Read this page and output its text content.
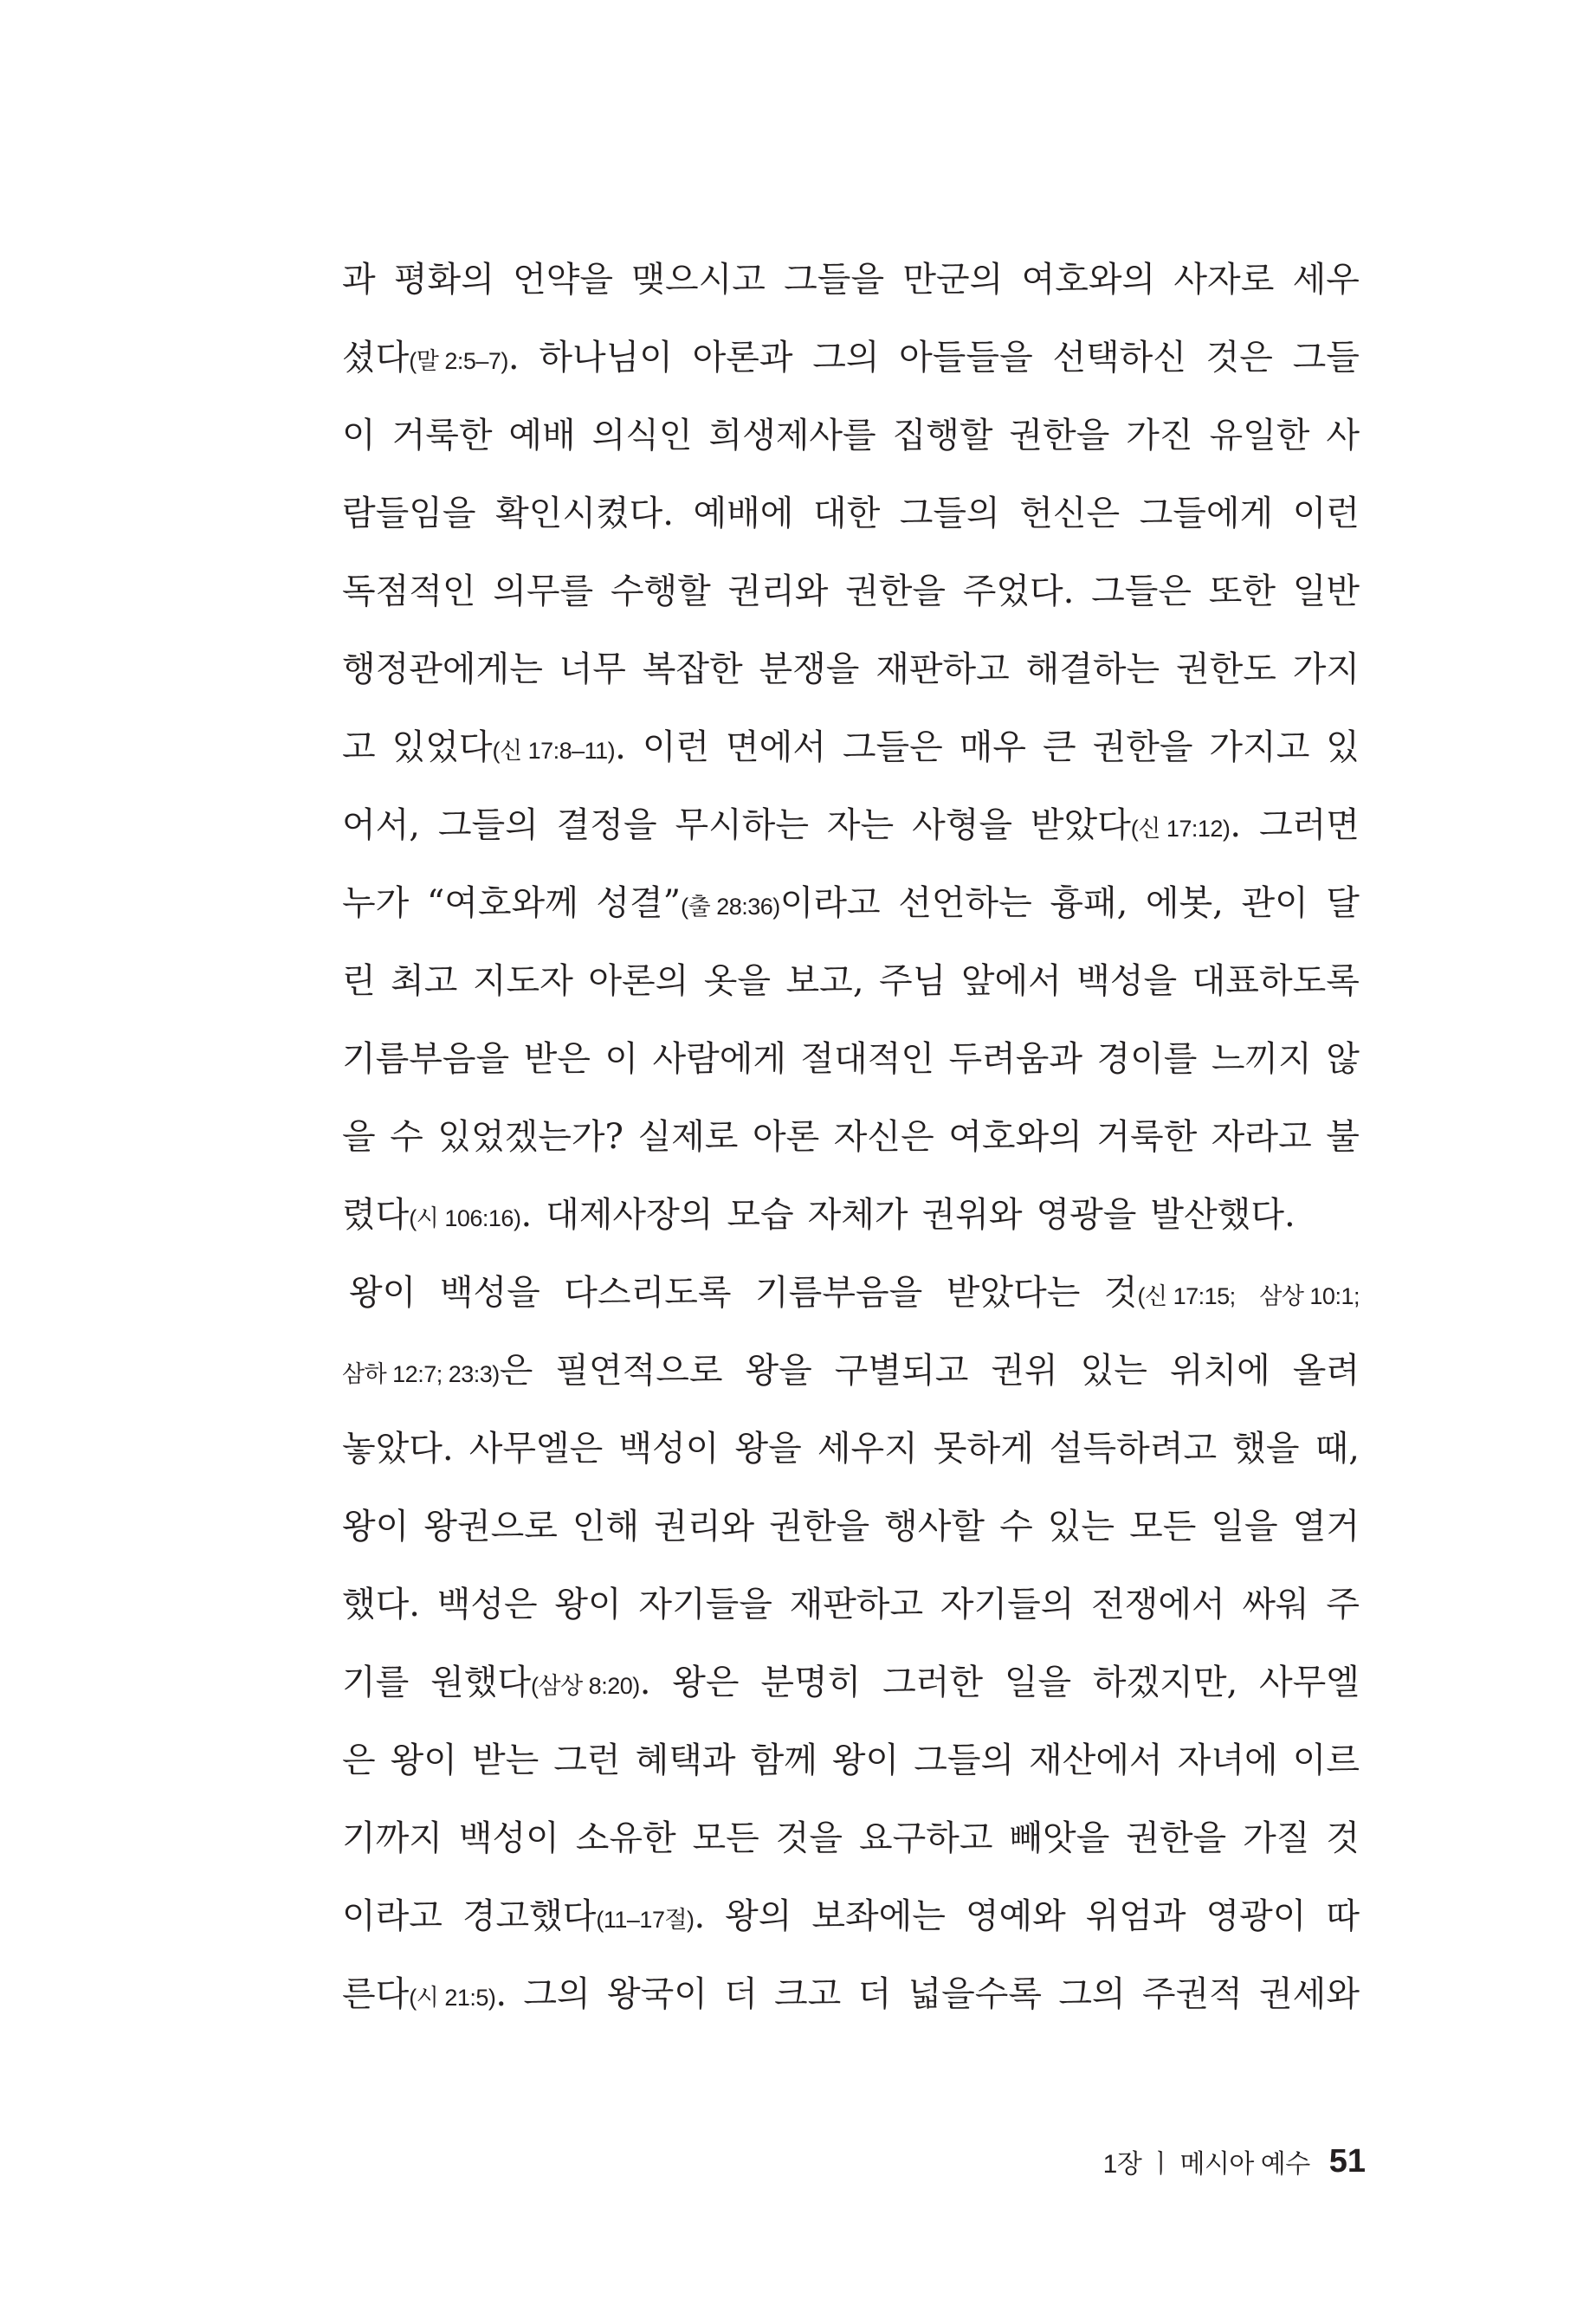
과 평화의 언약을 맺으시고 그들을 만군의 여호와의 사자로 세우
셨다(말 2:5–7). 하나님이 아론과 그의 아들들을 선택하신 것은 그들
이 거룩한 예배 의식인 희생제사를 집행할 권한을 가진 유일한 사
람들임을 확인시켰다. 예배에 대한 그들의 헌신은 그들에게 이런
독점적인 의무를 수행할 권리와 권한을 주었다. 그들은 또한 일반
행정관에게는 너무 복잡한 분쟁을 재판하고 해결하는 권한도 가지
고 있었다(신 17:8–11). 이런 면에서 그들은 매우 큰 권한을 가지고 있
어서, 그들의 결정을 무시하는 자는 사형을 받았다(신 17:12). 그러면
누가 “여호와께 성결”(출 28:36)이라고 선언하는 흉패, 에봇, 관이 달
린 최고 지도자 아론의 옷을 보고, 주님 앞에서 백성을 대표하도록
기름부음을 받은 이 사람에게 절대적인 두려움과 경이를 느끼지 않
을 수 있었겠는가? 실제로 아론 자신은 여호와의 거룩한 자라고 불
렸다(시 106:16). 대제사장의 모습 자체가 권위와 영광을 발산했다.
왕이 백성을 다스리도록 기름부음을 받았다는 것(신 17:15; 삼상 10:1;
삼하 12:7; 23:3)은 필연적으로 왕을 구별되고 권위 있는 위치에 올려
놓았다. 사무엘은 백성이 왕을 세우지 못하게 설득하려고 했을 때,
왕이 왕권으로 인해 권리와 권한을 행사할 수 있는 모든 일을 열거
했다. 백성은 왕이 자기들을 재판하고 자기들의 전쟁에서 싸워 주
기를 원했다(삼상 8:20). 왕은 분명히 그러한 일을 하겠지만, 사무엘
은 왕이 받는 그런 혜택과 함께 왕이 그들의 재산에서 자녀에 이르
기까지 백성이 소유한 모든 것을 요구하고 빼앗을 권한을 가질 것
이라고 경고했다(11–17절). 왕의 보좌에는 영예와 위엄과 영광이 따
른다(시 21:5). 그의 왕국이 더 크고 더 넓을수록 그의 주권적 권세와
1장 ㅣ 메시아 예수 51
